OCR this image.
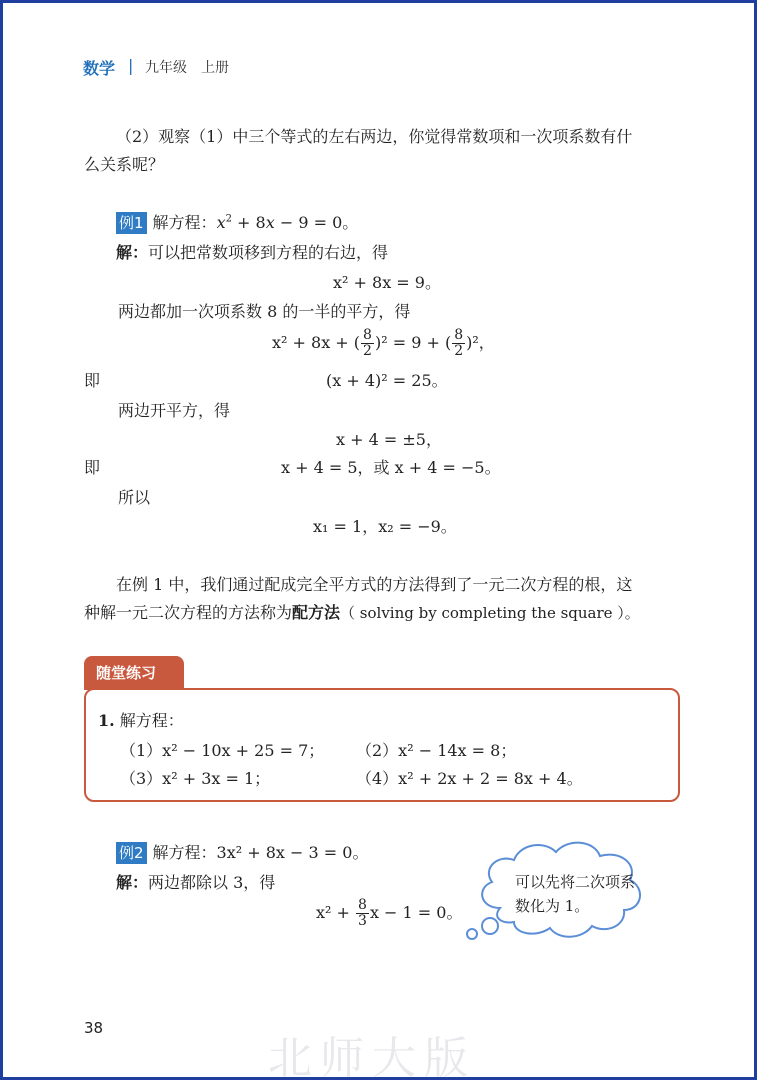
数学 | 九年级　上册
（2）观察（1）中三个等式的左右两边，你觉得常数项和一次项系数有什
么关系呢？
例1 解方程：$x^2 + 8x - 9 = 0$。
解：可以把常数项移到方程的右边，得
x² + 8x = 9。
两边都加一次项系数 8 的一半的平方，得
x² + 8x + ( $\frac{8}{2} )^2 = 9$ + ( $\frac{8}{2} )^2$，
即	(x + 4)² = 25。
两边开平方，得
x + 4 = ±5，
即	x + 4 = 5，或 x + 4 = −5。
所以
x₁ = 1，x₂ = −9。
在例 1 中，我们通过配成完全平方式的方法得到了一元二次方程的根，这
种解一元二次方程的方法称为配方法（ solving by completing the square ）。
随堂练习
1. 解方程：
（1）x² − 10x + 25 = 7； （2）x² − 14x = 8；
（3）x² + 3x = 1；	（4）x² + 2x + 2 = 8x + 4。
例2 解方程：3x² + 8x − 3 = 0。
解：两边都除以 3，得
$x^2 + \frac{8}{3}$ x − 1 = 0。
可以先将二次项系数化为 1。
38
北师大版
